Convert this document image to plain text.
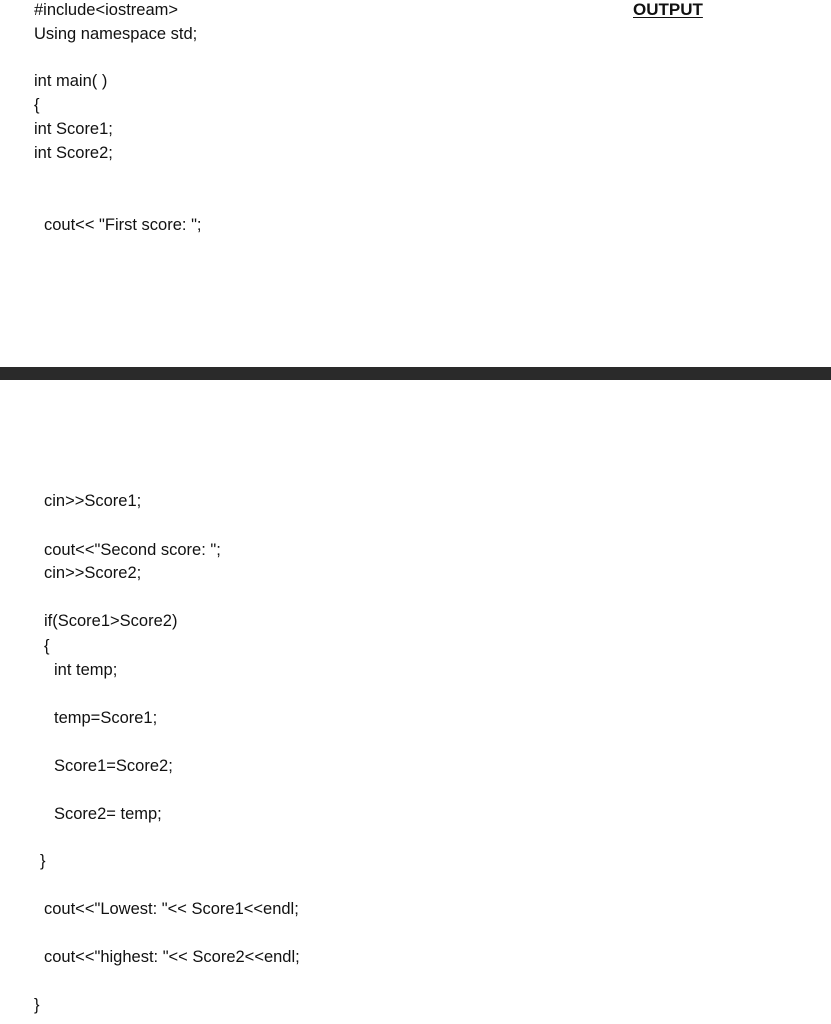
OUTPUT
#include<iostream>
Using namespace std;
int main( )
{
int Score1;
int Score2;
cout<< "First score: ";
cin>>Score1;
cout<<"Second score: ";
cin>>Score2;
if(Score1>Score2)
{
int temp;
temp=Score1;
Score1=Score2;
Score2= temp;
}
cout<<"Lowest: "<< Score1<<endl;
cout<<"highest: "<< Score2<<endl;
}
